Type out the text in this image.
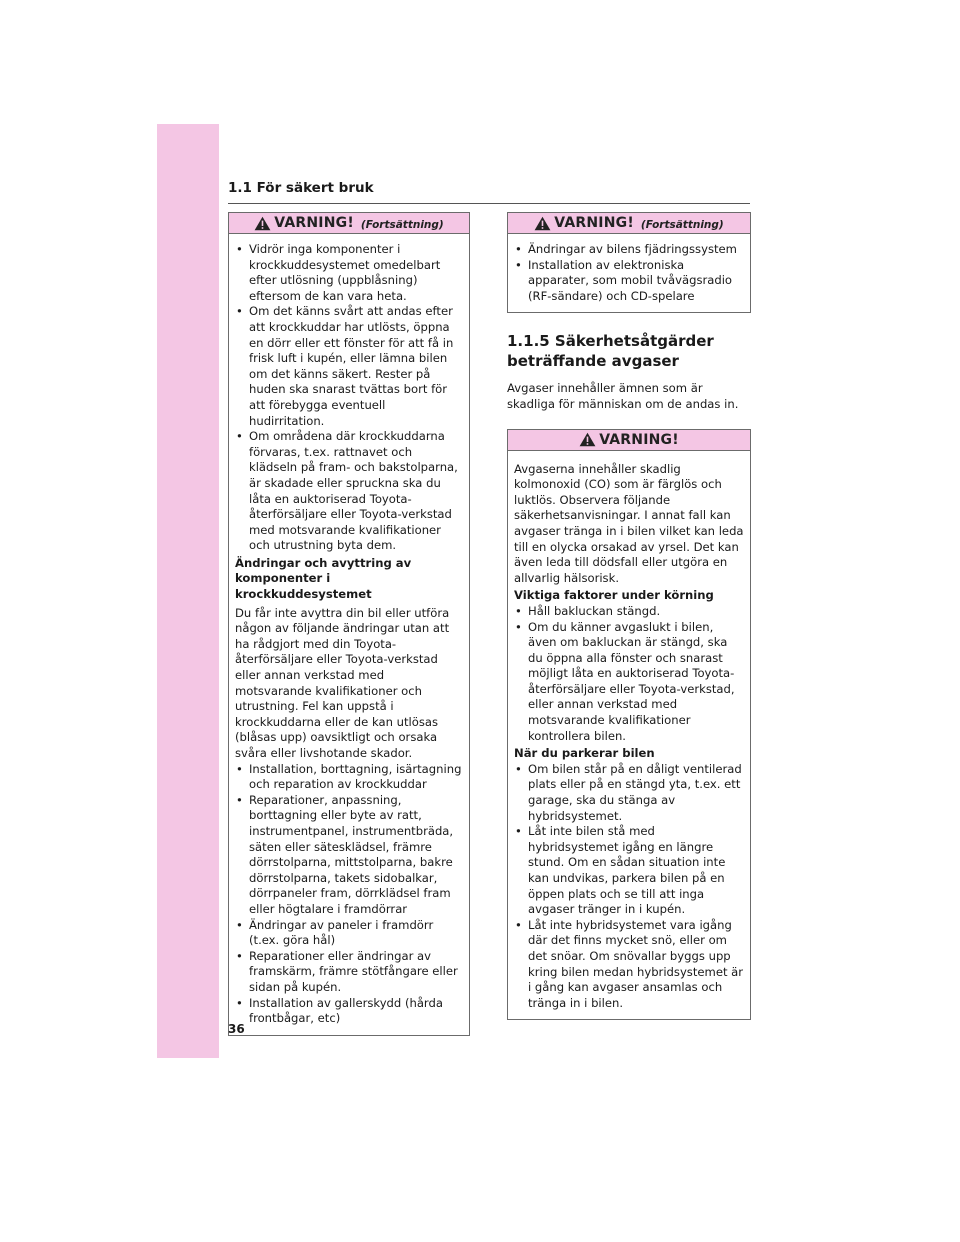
1.1 För säkert bruk
VARNING! (Fortsättning)
• Vidrör inga komponenter i krockkuddesystemet omedelbart efter utlösning (uppblåsning) eftersom de kan vara heta.
• Om det känns svårt att andas efter att krockkuddar har utlösts, öppna en dörr eller ett fönster för att få in frisk luft i kupén, eller lämna bilen om det känns säkert. Rester på huden ska snarast tvättas bort för att förebygga eventuell hudirritation.
• Om områdena där krockkuddarna förvaras, t.ex. rattnavet och klädseln på fram- och bakstolparna, är skadade eller spruckna ska du låta en auktoriserad Toyota-återförsäljare eller Toyota-verkstad med motsvarande kvalifikationer och utrustning byta dem.
Ändringar och avyttring av komponenter i krockkuddesystemet
Du får inte avyttra din bil eller utföra någon av följande ändringar utan att ha rådgjort med din Toyota-återförsäljare eller Toyota-verkstad eller annan verkstad med motsvarande kvalifikationer och utrustning. Fel kan uppstå i krockkuddarna eller de kan utlösas (blåsas upp) oavsiktligt och orsaka svåra eller livshotande skador.
• Installation, borttagning, isärtagning och reparation av krockkuddar
• Reparationer, anpassning, borttagning eller byte av ratt, instrumentpanel, instrumentbräda, säten eller sätesklädsel, främre dörrstolparna, mittstolparna, bakre dörrstolparna, takets sidobalkar, dörrpaneler fram, dörrklädsel fram eller högtalare i framdörrar
• Ändringar av paneler i framdörr (t.ex. göra hål)
• Reparationer eller ändringar av framskärm, främre stötfångare eller sidan på kupén.
• Installation av gallerskydd (hårda frontbågar, etc)
VARNING! (Fortsättning)
• Ändringar av bilens fjädringssystem
• Installation av elektroniska apparater, som mobil tvåvägsradio (RF-sändare) och CD-spelare
1.1.5 Säkerhetsåtgärder beträffande avgaser
Avgaser innehåller ämnen som är skadliga för människan om de andas in.
VARNING!
Avgaserna innehåller skadlig kolmonoxid (CO) som är färglös och luktlös. Observera följande säkerhetsanvisningar. I annat fall kan avgaser tränga in i bilen vilket kan leda till en olycka orsakad av yrsel. Det kan även leda till dödsfall eller utgöra en allvarlig hälsorisk.
Viktiga faktorer under körning
• Håll bakluckan stängd.
• Om du känner avgaslukt i bilen, även om bakluckan är stängd, ska du öppna alla fönster och snarast möjligt låta en auktoriserad Toyota-återförsäljare eller Toyota-verkstad, eller annan verkstad med motsvarande kvalifikationer kontrollera bilen.
När du parkerar bilen
• Om bilen står på en dåligt ventilerad plats eller på en stängd yta, t.ex. ett garage, ska du stänga av hybridsystemet.
• Låt inte bilen stå med hybridsystemet igång en längre stund. Om en sådan situation inte kan undvikas, parkera bilen på en öppen plats och se till att inga avgaser tränger in i kupén.
• Låt inte hybridsystemet vara igång där det finns mycket snö, eller om det snöar. Om snövallar byggs upp kring bilen medan hybridsystemet är i gång kan avgaser ansamlas och tränga in i bilen.
36
